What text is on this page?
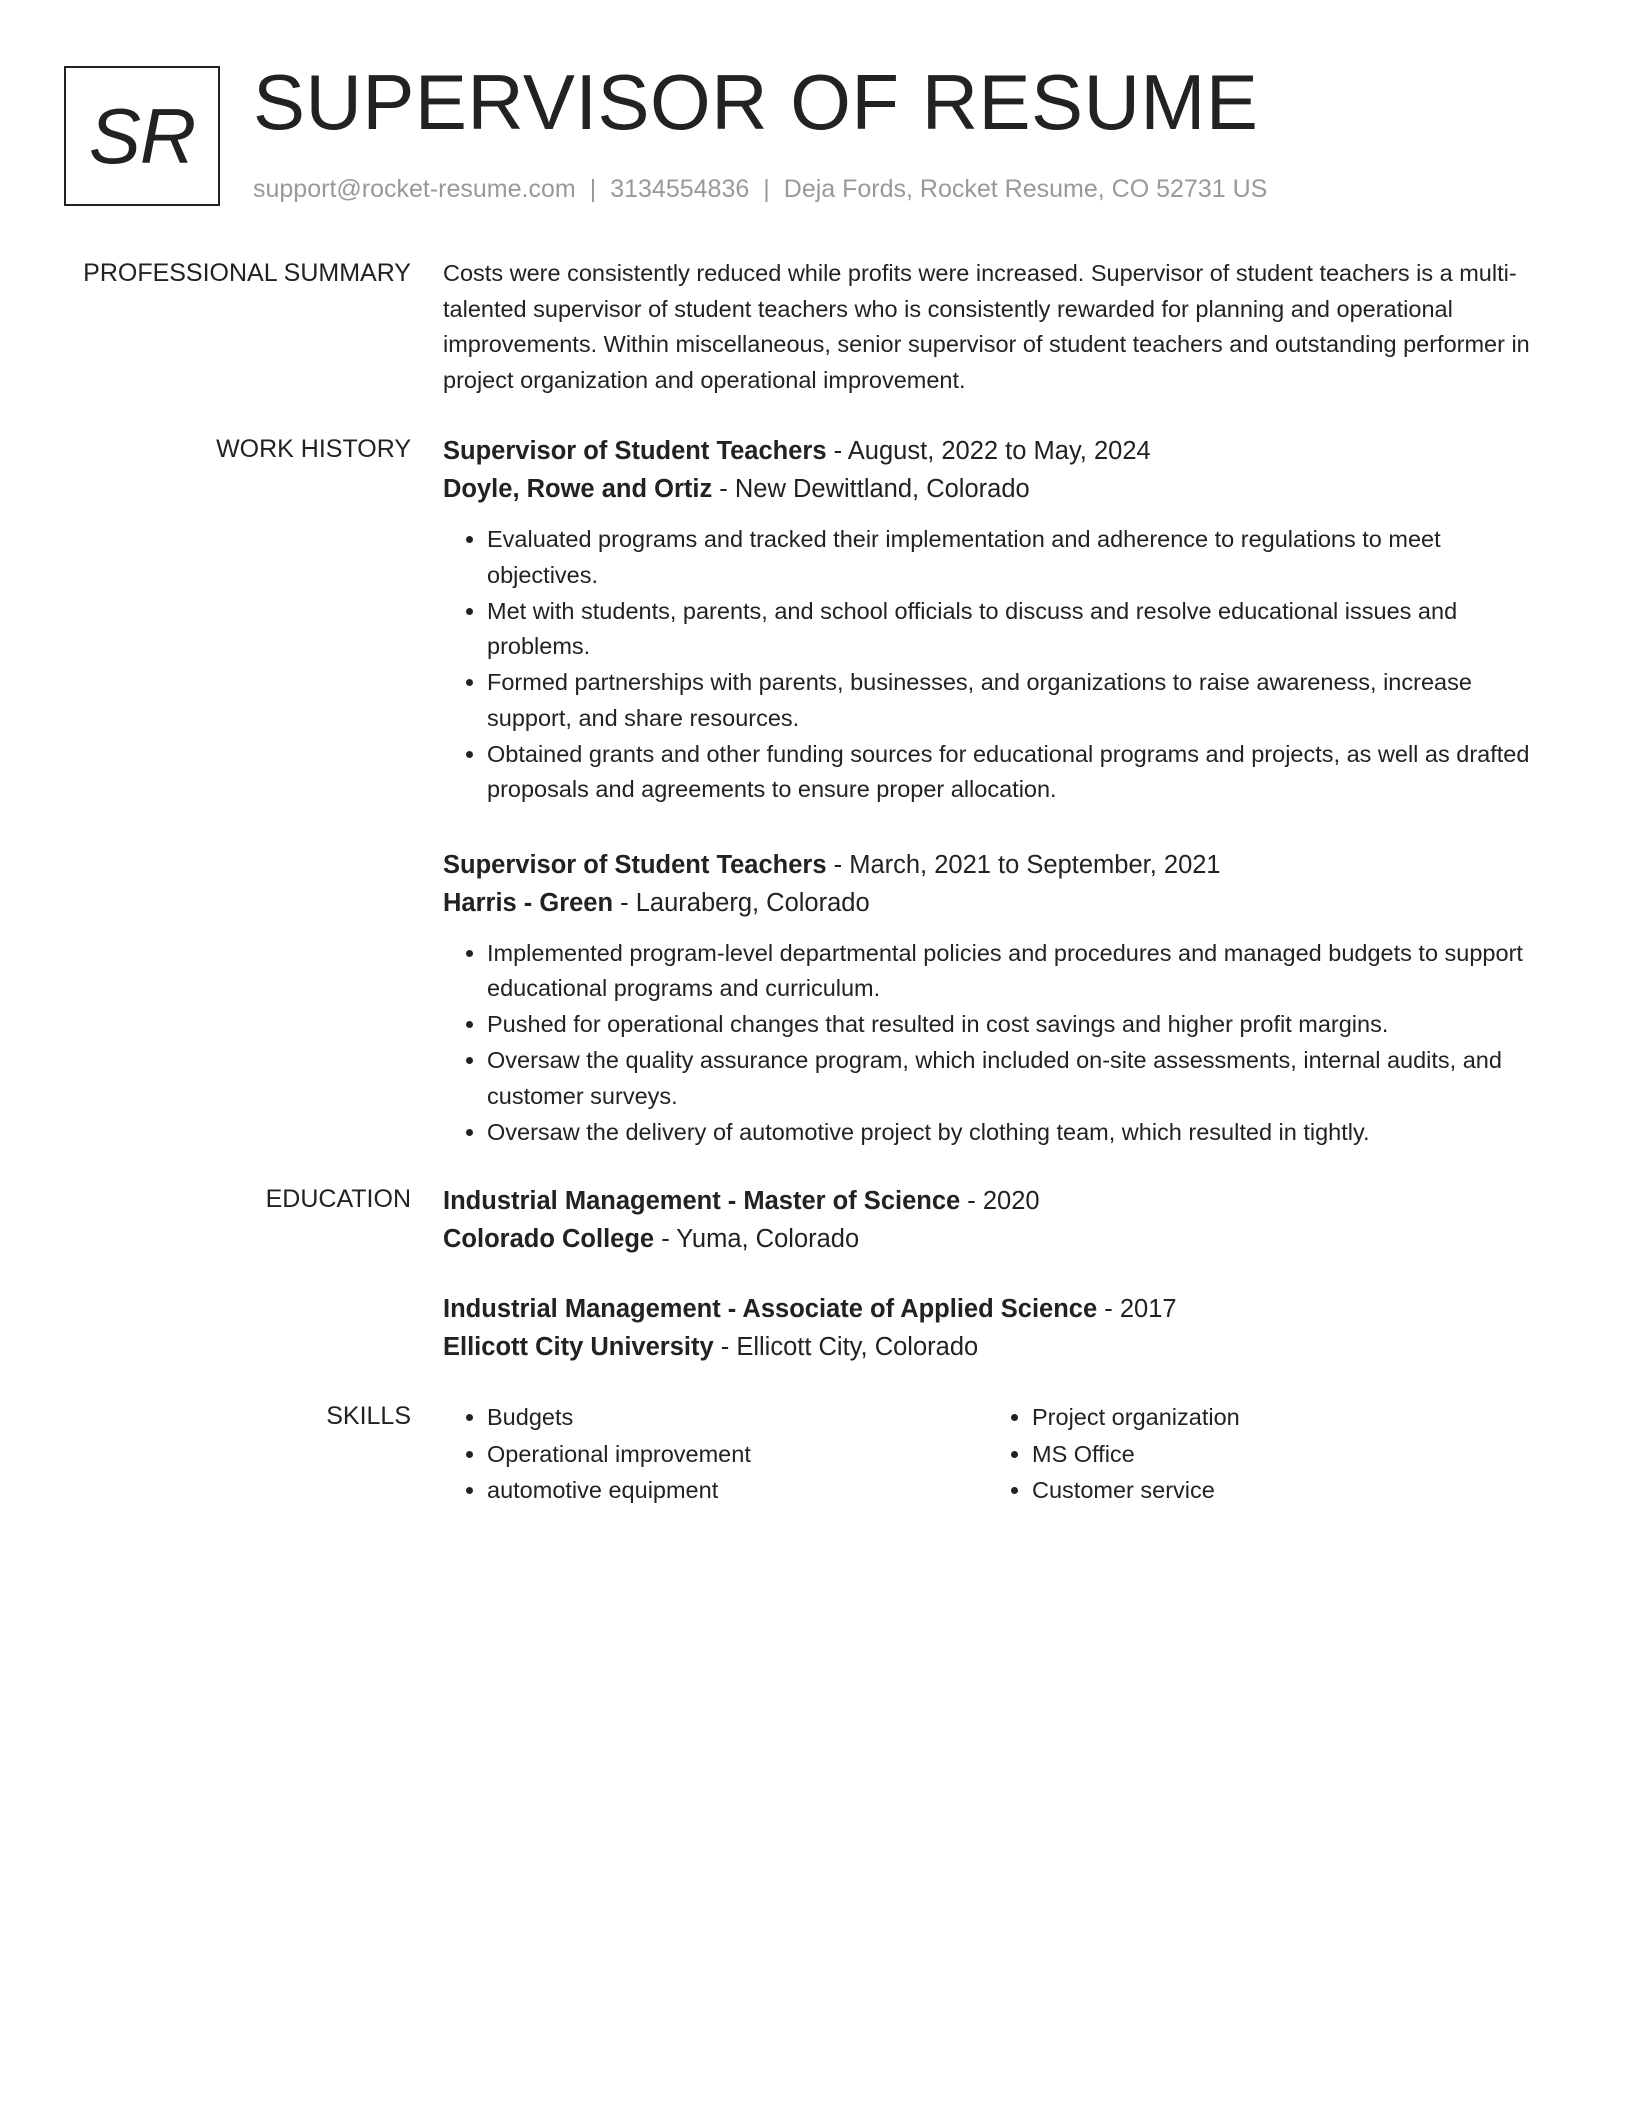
SR SUPERVISOR OF RESUME
support@rocket-resume.com | 3134554836 | Deja Fords, Rocket Resume, CO 52731 US
PROFESSIONAL SUMMARY Costs were consistently reduced while profits were increased. Supervisor of student teachers is a multi-talented supervisor of student teachers who is consistently rewarded for planning and operational improvements. Within miscellaneous, senior supervisor of student teachers and outstanding performer in project organization and operational improvement.

WORK HISTORY Supervisor of Student Teachers - August, 2022 to May, 2024
Doyle, Rowe and Ortiz - New Dewittland, Colorado
• Evaluated programs and tracked their implementation and adherence to regulations to meet objectives.
• Met with students, parents, and school officials to discuss and resolve educational issues and problems.
• Formed partnerships with parents, businesses, and organizations to raise awareness, increase support, and share resources.
• Obtained grants and other funding sources for educational programs and projects, as well as drafted proposals and agreements to ensure proper allocation.
Supervisor of Student Teachers - March, 2021 to September, 2021
Harris - Green - Lauraberg, Colorado
• Implemented program-level departmental policies and procedures and managed budgets to support educational programs and curriculum.
• Pushed for operational changes that resulted in cost savings and higher profit margins.
• Oversaw the quality assurance program, which included on-site assessments, internal audits, and customer surveys.
• Oversaw the delivery of automotive project by clothing team, which resulted in tightly.
EDUCATION Industrial Management - Master of Science - 2020
Colorado College - Yuma, Colorado
Industrial Management - Associate of Applied Science - 2017
Ellicott City University - Ellicott City, Colorado
SKILLS
•	Budgets
• Operational improvement
• automotive equipment
• Project organization
• MS Office
• Customer service
